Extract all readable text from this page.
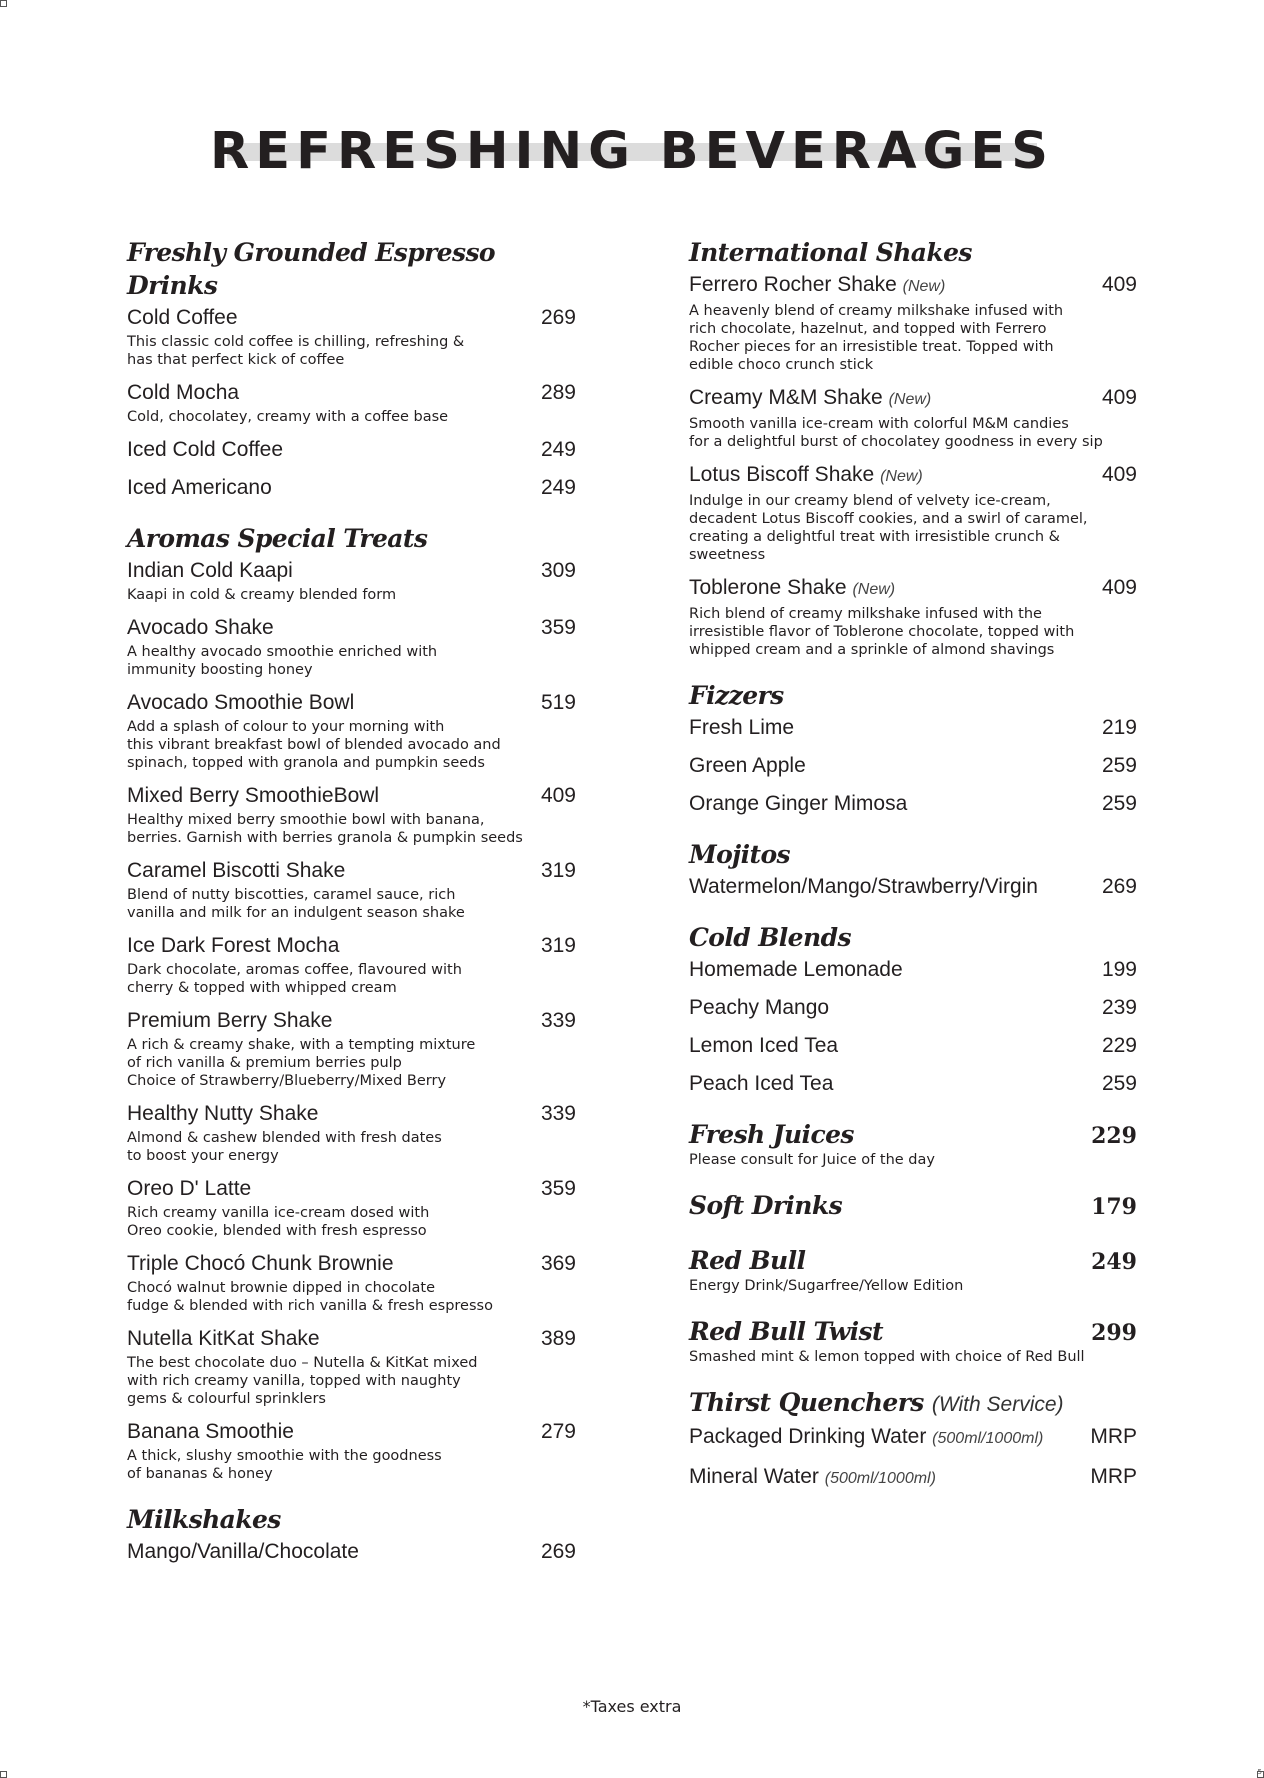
5
REFRESHING BEVERAGES
Freshly Grounded Espresso Drinks
Cold Coffee	269
This classic cold coffee is chilling, refreshing &
has that perfect kick of coffee
Cold Mocha	289
Cold, chocolatey, creamy with a coffee base
Iced Cold Coffee	249
Iced Americano	249
Aromas Special Treats
Indian Cold Kaapi	309
Kaapi in cold & creamy blended form
Avocado Shake	359
A healthy avocado smoothie enriched with
immunity boosting honey
Avocado Smoothie Bowl	519
Add a splash of colour to your morning with
this vibrant breakfast bowl of blended avocado and
spinach, topped with granola and pumpkin seeds
Mixed Berry SmoothieBowl	409
Healthy mixed berry smoothie bowl with banana,
berries. Garnish with berries granola & pumpkin seeds
Caramel Biscotti Shake	319
Blend of nutty biscotties, caramel sauce, rich
vanilla and milk for an indulgent season shake
Ice Dark Forest Mocha	319
Dark chocolate, aromas coffee, flavoured with
cherry & topped with whipped cream
Premium Berry Shake	339
A rich & creamy shake, with a tempting mixture
of rich vanilla & premium berries pulp
Choice of Strawberry/Blueberry/Mixed Berry
Healthy Nutty Shake	339
Almond & cashew blended with fresh dates
to boost your energy
Oreo D' Latte	359
Rich creamy vanilla ice-cream dosed with
Oreo cookie, blended with fresh espresso
Triple Chocó Chunk Brownie	369
Chocó walnut brownie dipped in chocolate
fudge & blended with rich vanilla & fresh espresso
Nutella KitKat Shake	389
The best chocolate duo – Nutella & KitKat mixed
with rich creamy vanilla, topped with naughty
gems & colourful sprinklers
Banana Smoothie	279
A thick, slushy smoothie with the goodness
of bananas & honey
Milkshakes
Mango/Vanilla/Chocolate	269
International Shakes
Ferrero Rocher Shake (New)	409
A heavenly blend of creamy milkshake infused with
rich chocolate, hazelnut, and topped with Ferrero
Rocher pieces for an irresistible treat. Topped with
edible choco crunch stick
Creamy M&M Shake (New)	409
Smooth vanilla ice-cream with colorful M&M candies
for a delightful burst of chocolatey goodness in every sip
Lotus Biscoff Shake (New)	409
Indulge in our creamy blend of velvety ice-cream,
decadent Lotus Biscoff cookies, and a swirl of caramel,
creating a delightful treat with irresistible crunch &
sweetness
Toblerone Shake (New)	409
Rich blend of creamy milkshake infused with the
irresistible flavor of Toblerone chocolate, topped with
whipped cream and a sprinkle of almond shavings
Fizzers
Fresh Lime	219
Green Apple	259
Orange Ginger Mimosa	259
Mojitos
Watermelon/Mango/Strawberry/Virgin	269
Cold Blends
Homemade Lemonade	199
Peachy Mango	239
Lemon Iced Tea	229
Peach Iced Tea	259
Fresh Juices	229
Please consult for Juice of the day
Soft Drinks	179
Red Bull	249
Energy Drink/Sugarfree/Yellow Edition
Red Bull Twist	299
Smashed mint & lemon topped with choice of Red Bull
Thirst Quenchers (With Service)
Packaged Drinking Water (500ml/1000ml) MRP
Mineral Water (500ml/1000ml)	MRP
*Taxes extra
